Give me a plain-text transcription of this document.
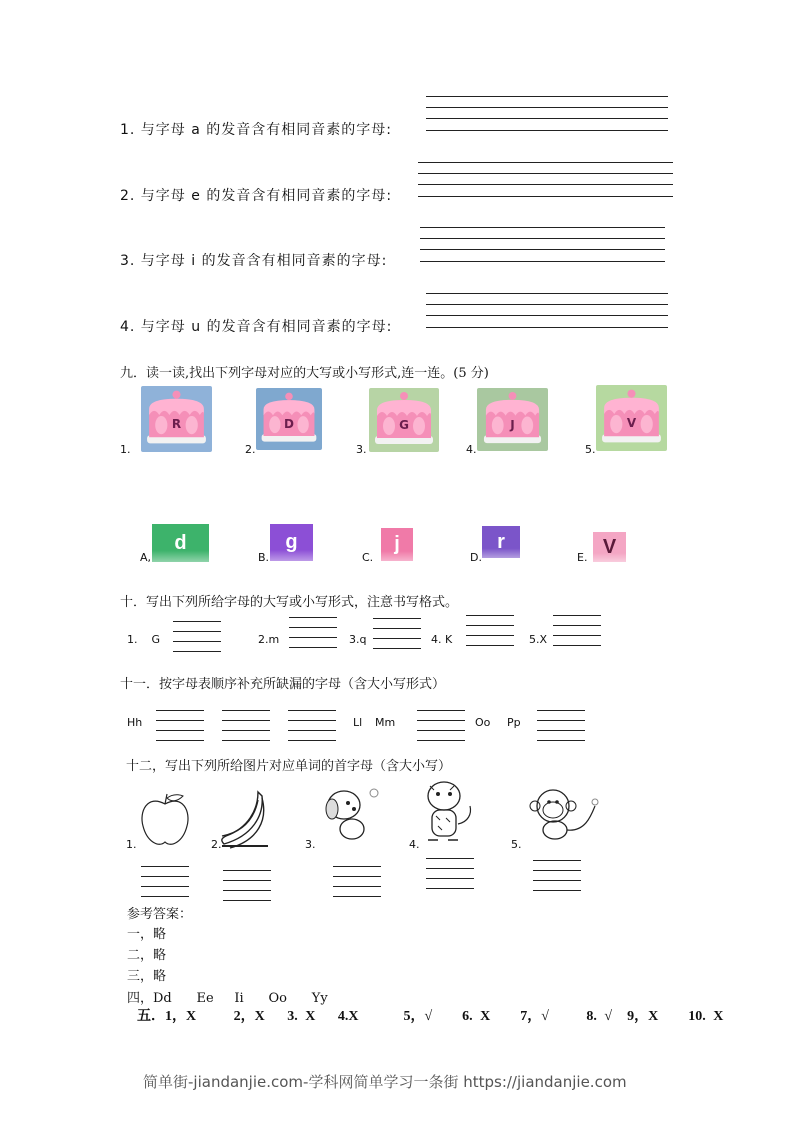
1. 与字母 a 的发音含有相同音素的字母:
2. 与字母 e 的发音含有相同音素的字母:
3. 与字母 i 的发音含有相同音素的字母:
4. 与字母 u 的发音含有相同音素的字母:
九．读一读,找出下列字母对应的大写或小写形式,连一连。(5 分)
1.
R
2.
D
3.
G
4.
J
5.
V
A,
d
B.
g
C.
j
D.
r
E. V
十．写出下列所给字母的大写或小写形式，注意书写格式。
1.    G	2.m	3.q	4. K	5.X
十一．按字母表顺序补充所缺漏的字母（含大小写形式）
Hh	Ll Mm	Oo Pp
十二，写出下列所给图片对应单词的首字母（含大小写）
1.	2.	3.	4.	5.
参考答案：
一，略
二，略
三，略
四，Dd      Ee     Ii      Oo      Yy
五．1，X     2，X   3. X   4.X      5，√    6. X    7，√     8. √  9，X    10. X
简单街-jiandanjie.com-学科网简单学习一条街 https://jiandanjie.com
